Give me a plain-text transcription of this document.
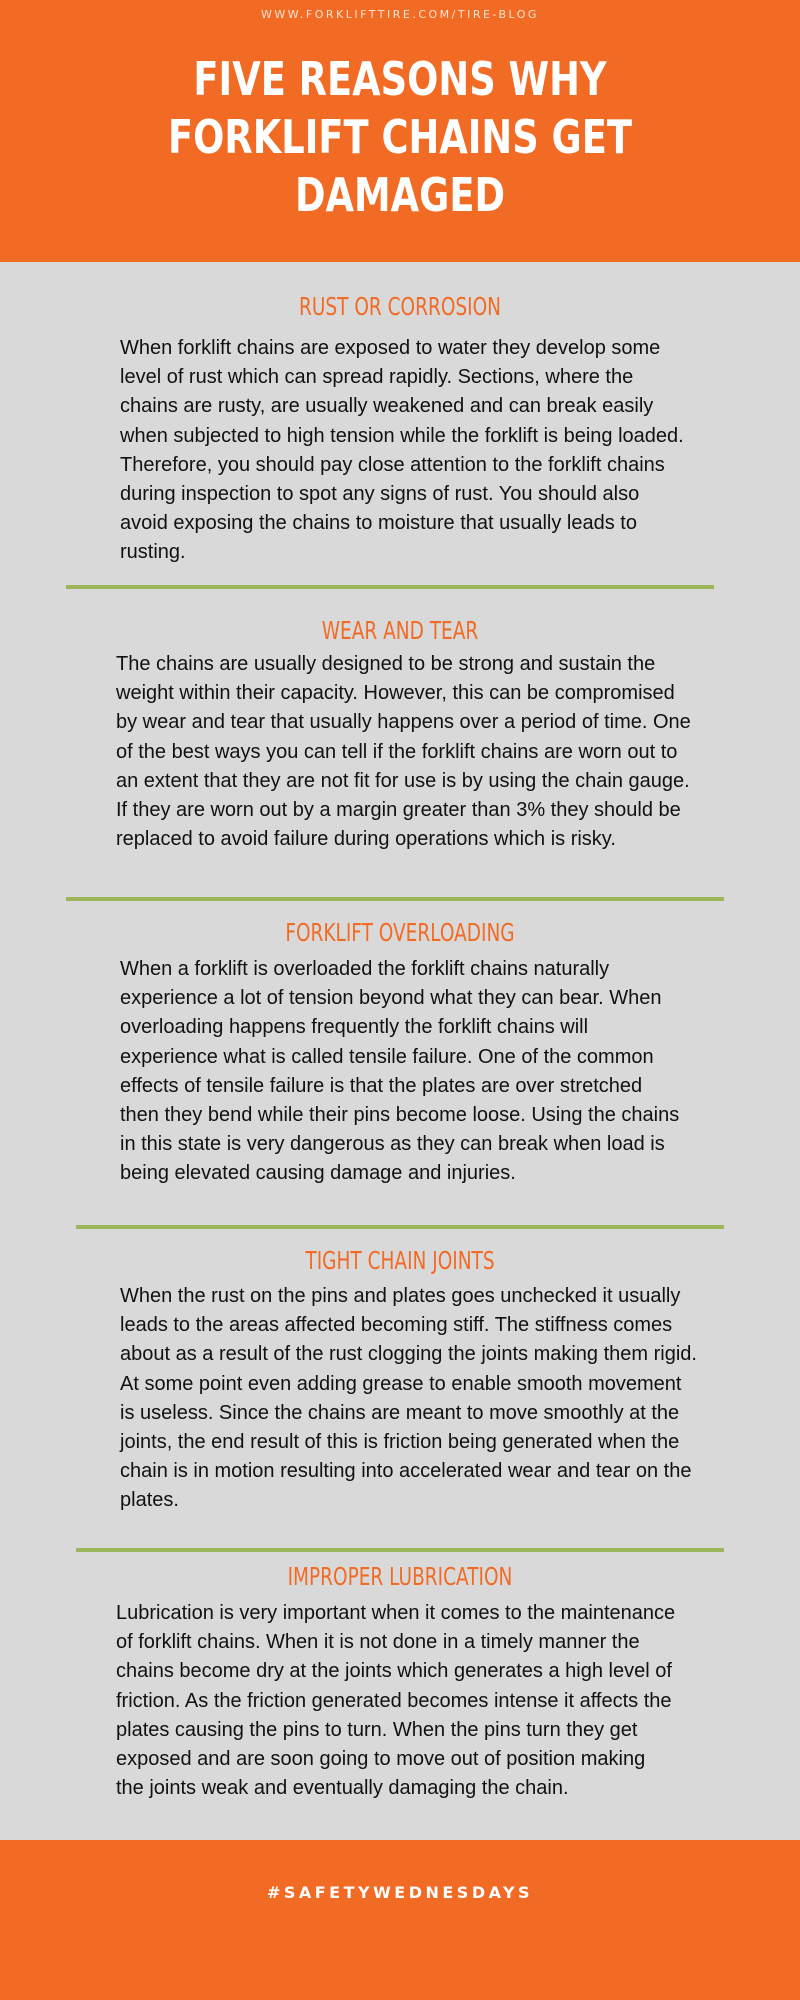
WWW.FORKLIFTTIRE.COM/TIRE-BLOG
FIVE REASONS WHY FORKLIFT CHAINS GET DAMAGED
RUST OR CORROSION
When forklift chains are exposed to water they develop some level of rust which can spread rapidly. Sections, where the chains are rusty, are usually weakened and can break easily when subjected to high tension while the forklift is being loaded. Therefore, you should pay close attention to the forklift chains during inspection to spot any signs of rust. You should also avoid exposing the chains to moisture that usually leads to rusting.
WEAR AND TEAR
The chains are usually designed to be strong and sustain the weight within their capacity. However, this can be compromised by wear and tear that usually happens over a period of time. One of the best ways you can tell if the forklift chains are worn out to an extent that they are not fit for use is by using the chain gauge. If they are worn out by a margin greater than 3% they should be replaced to avoid failure during operations which is risky.
FORKLIFT OVERLOADING
When a forklift is overloaded the forklift chains naturally experience a lot of tension beyond what they can bear. When overloading happens frequently the forklift chains will experience what is called tensile failure. One of the common effects of tensile failure is that the plates are over stretched then they bend while their pins become loose. Using the chains in this state is very dangerous as they can break when load is being elevated causing damage and injuries.
TIGHT CHAIN JOINTS
When the rust on the pins and plates goes unchecked it usually leads to the areas affected becoming stiff. The stiffness comes about as a result of the rust clogging the joints making them rigid. At some point even adding grease to enable smooth movement is useless. Since the chains are meant to move smoothly at the joints, the end result of this is friction being generated when the chain is in motion resulting into accelerated wear and tear on the plates.
IMPROPER LUBRICATION
Lubrication is very important when it comes to the maintenance of forklift chains. When it is not done in a timely manner the chains become dry at the joints which generates a high level of friction. As the friction generated becomes intense it affects the plates causing the pins to turn. When the pins turn they get exposed and are soon going to move out of position making the joints weak and eventually damaging the chain.
#SAFETYWEDNESDAYS
